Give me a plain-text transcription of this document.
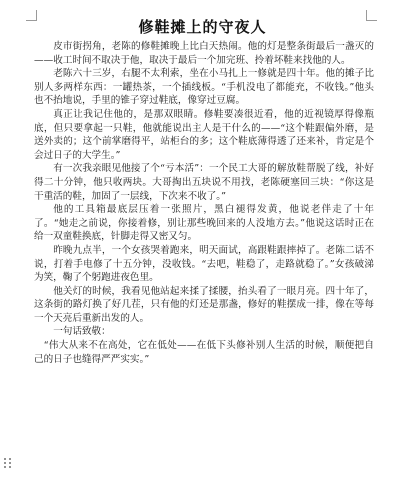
修鞋摊上的守夜人

皮市街拐角，老陈的修鞋摊晚上比白天热闹。他的灯是整条街最后一盏灭的——收工时间不取决于他，取决于最后一个加完班、拎着坏鞋来找他的人。

老陈六十三岁，右腿不太利索，坐在小马扎上一修就是四十年。他的摊子比别人多两样东西：一罐热茶，一个插线板。“手机没电了都能充，不收钱。”他头也不抬地说，手里的锥子穿过鞋底，像穿过豆腐。

真正让我记住他的，是那双眼睛。修鞋要凑很近看，他的近视镜厚得像瓶底，但只要拿起一只鞋，他就能说出主人是干什么的——“这个鞋跟偏外磨，是送外卖的；这个前掌磨得平，站柜台的多；这个鞋底薄得透了还来补，肯定是个会过日子的大学生。”

有一次我亲眼见他接了个“亏本活”：一个民工大哥的解放鞋帮脱了线，补好得二十分钟，他只收两块。大哥掏出五块说不用找，老陈硬塞回三块：“你这是干重活的鞋，加固了一层线，下次来不收了。”

他的工具箱最底层压着一张照片，黑白褪得发黄，他说老伴走了十年了。“她走之前说，你接着修，别让那些晚回来的人没地方去。”他说这话时正在给一双童鞋换底，针脚走得又密又匀。

昨晚九点半，一个女孩哭着跑来，明天面试，高跟鞋跟摔掉了。老陈二话不说，打着手电修了十五分钟，没收钱。“去吧，鞋稳了，走路就稳了。”女孩破涕为笑，鞠了个躬跑进夜色里。

他关灯的时候，我看见他站起来揉了揉腰，抬头看了一眼月亮。四十年了，这条街的路灯换了好几茬，只有他的灯还是那盏，修好的鞋摆成一排，像在等每一个天亮后重新出发的人。

一句话致敬：

“伟大从来不在高处，它在低处——在低下头修补别人生活的时候，顺便把自己的日子也缝得严严实实。”
